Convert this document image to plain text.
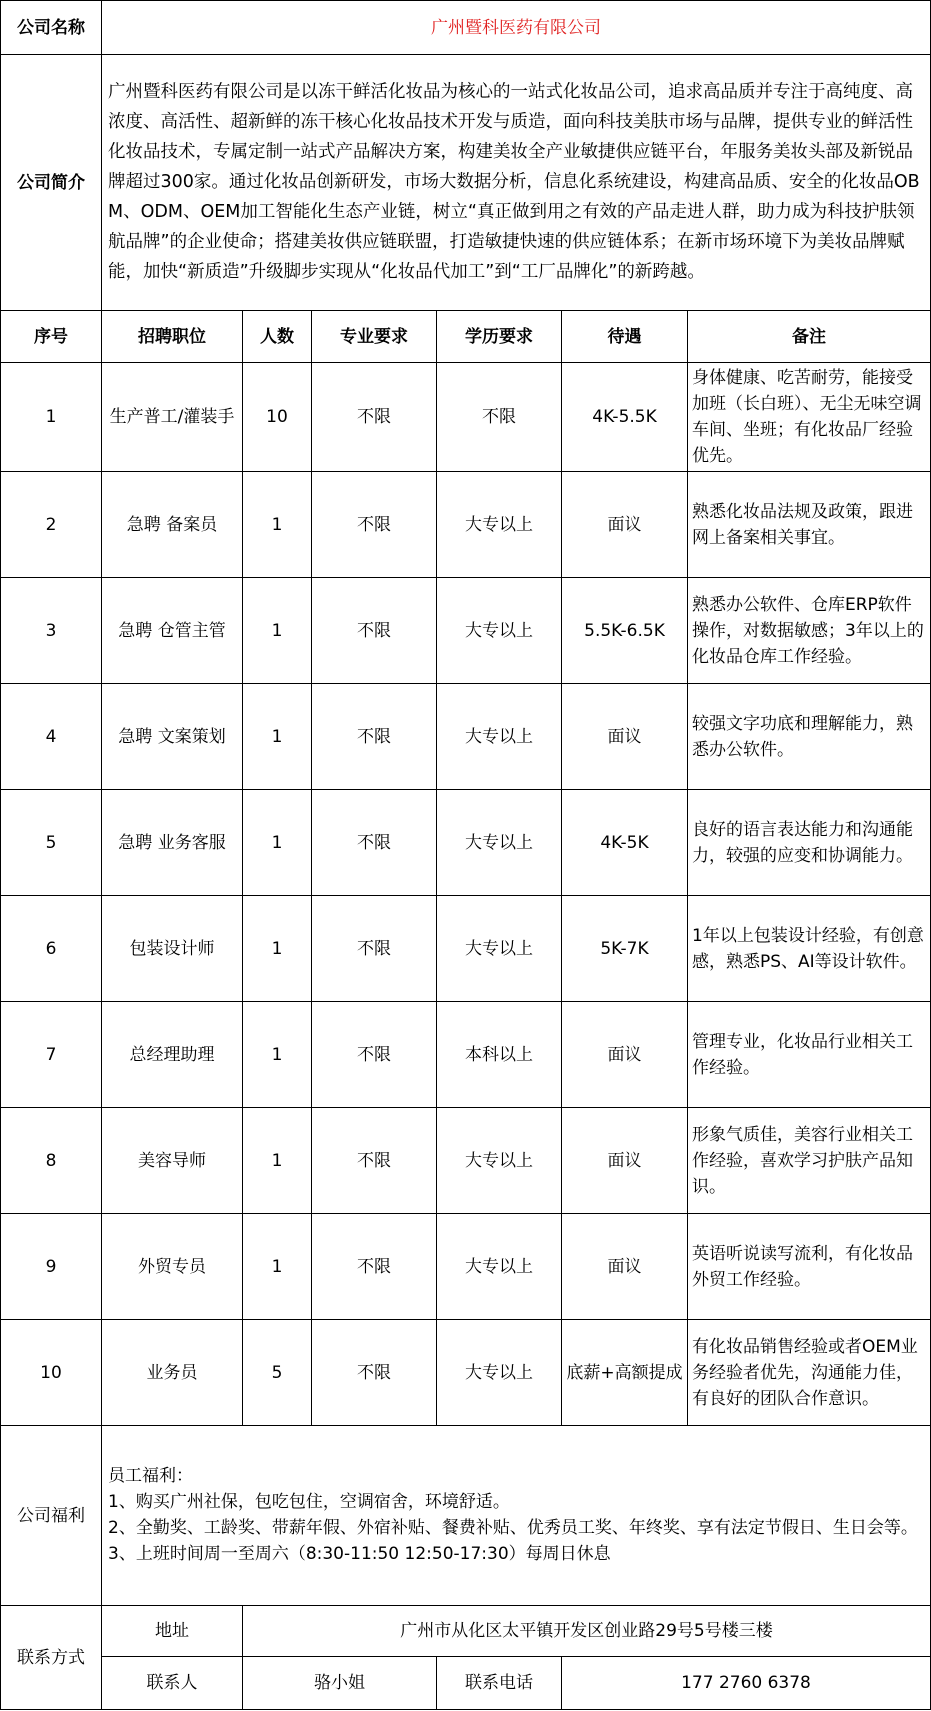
公司名称	广州暨科医药有限公司					
公司简介	广州暨科医药有限公司是以冻干鲜活化妆品为核心的一站式化妆品公司，追求高品质并专注于高纯度、高浓度、高活性、超新鲜的冻干核心化妆品技术开发与质造，面向科技美肤市场与品牌，提供专业的鲜活性化妆品技术，专属定制一站式产品解决方案，构建美妆全产业敏捷供应链平台，年服务美妆头部及新锐品牌超过300家。通过化妆品创新研发，市场大数据分析，信息化系统建设，构建高品质、安全的化妆品OBM、ODM、OEM加工智能化生态产业链，树立“真正做到用之有效的产品走进人群，助力成为科技护肤领航品牌”的企业使命；搭建美妆供应链联盟，打造敏捷快速的供应链体系；在新市场环境下为美妆品牌赋能，加快“新质造”升级脚步实现从“化妆品代加工”到“工厂品牌化”的新跨越。					
序号	招聘职位	人数	专业要求	学历要求	待遇	备注
1	生产普工/灌装手	10	不限	不限	4K-5.5K	身体健康、吃苦耐劳，能接受加班（长白班）、无尘无味空调车间、坐班；有化妆品厂经验优先。
2	急聘 备案员	1	不限	大专以上	面议	熟悉化妆品法规及政策，跟进网上备案相关事宜。
3	急聘 仓管主管	1	不限	大专以上	5.5K-6.5K	熟悉办公软件、仓库ERP软件操作，对数据敏感；3年以上的化妆品仓库工作经验。
4	急聘 文案策划	1	不限	大专以上	面议	较强文字功底和理解能力，熟悉办公软件。
5	急聘 业务客服	1	不限	大专以上	4K-5K	良好的语言表达能力和沟通能力，较强的应变和协调能力。
6	包装设计师	1	不限	大专以上	5K-7K	1年以上包装设计经验，有创意感，熟悉PS、AI等设计软件。
7	总经理助理	1	不限	本科以上	面议	管理专业，化妆品行业相关工作经验。
8	美容导师	1	不限	大专以上	面议	形象气质佳，美容行业相关工作经验，喜欢学习护肤产品知识。
9	外贸专员	1	不限	大专以上	面议	英语听说读写流利，有化妆品外贸工作经验。
10	业务员	5	不限	大专以上	底薪+高额提成	有化妆品销售经验或者OEM业务经验者优先，沟通能力佳，有良好的团队合作意识。
公司福利	员工福利：
1、购买广州社保，包吃包住，空调宿舍，环境舒适。
2、全勤奖、工龄奖、带薪年假、外宿补贴、餐费补贴、优秀员工奖、年终奖、享有法定节假日、生日会等。
3、上班时间周一至周六（8:30-11:50 12:50-17:30）每周日休息					

联系方式	地址	广州市从化区太平镇开发区创业路29号5号楼三楼				
	联系人	骆小姐		联系电话	177 2760 6378	
